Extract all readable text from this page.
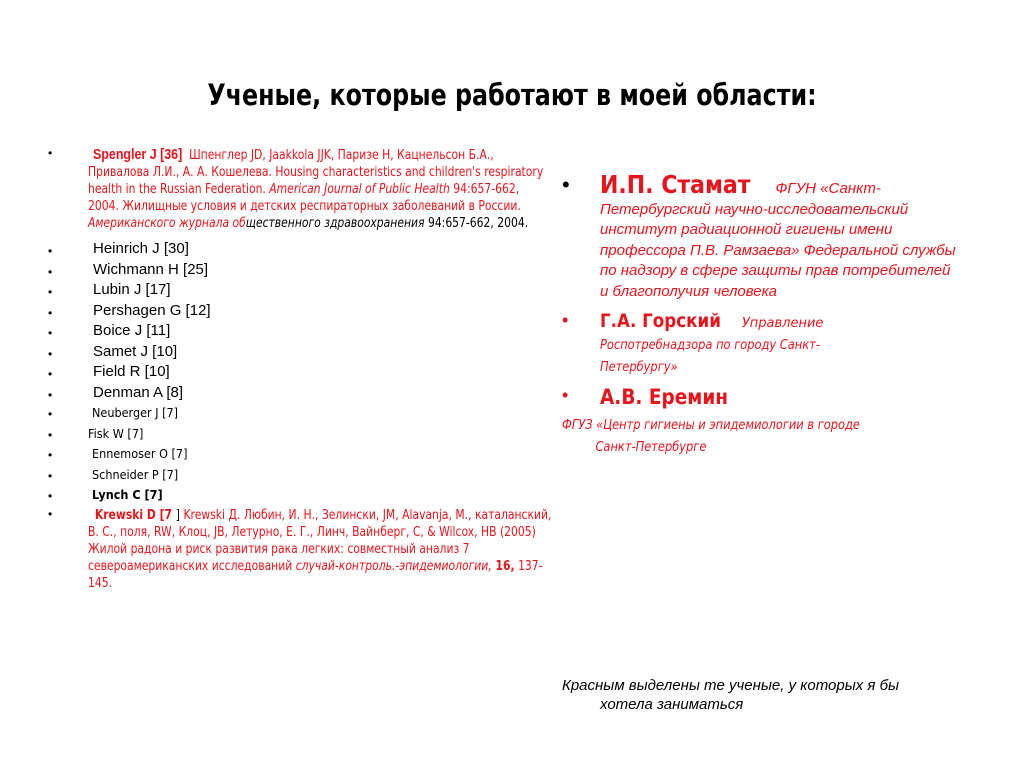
Ученые, которые работают в моей области:
•	Spengler J [36] Шпенглер JD, Jaakkola JJK, Паризе Н, Кацнельсон Б.А., Привалова Л.И., А. А. Кошелева. Housing characteristics and children's respiratory health in the Russian Federation. American Journal of Public Health 94:657-662, 2004. Жилищные условия и детских респираторных заболеваний в России. Американского журнала общественного здравоохранения 94:657-662, 2004.
•	Heinrich J [30]
•	Wichmann H [25]
•	Lubin J [17]
•	Pershagen G [12]
•	Boice J [11]
•	Samet J [10]
•	Field R [10]
•	Denman A [8]
•	Neuberger J [7]
•	Fisk W [7]
•	Ennemoser O [7]
•	Schneider P [7]
•	Lynch C [7]
•	Krewski D [7 ] Krewski Д. Любин, И. Н., Зелински, JM, Alavanja, M., каталанский, В. С., поля, RW, Клоц, JB, Летурно, Е. Г., Линч, Вайнберг, C, & Wilcox, HB (2005) Жилой радона и риск развития рака легких: совместный анализ 7 североамериканских исследований случай-контроль.-эпидемиологии, 16, 137-145.
• И.П. Стамат ФГУН «Санкт-
Петербургский научно-исследовательский институт радиационной гигиены имени профессора П.В. Рамзаева» Федеральной службы по надзору в сфере защиты прав потребителей и благополучия человека
• Г.А. Горский Управление
Роспотребнадзора по городу Санкт-
Петербургу»
• А.В. Еремин
ФГУЗ «Центр гигиены и эпидемиологии в городе
Санкт-Петербурге
Красным выделены те ученые, у которых я бы
хотела заниматься
